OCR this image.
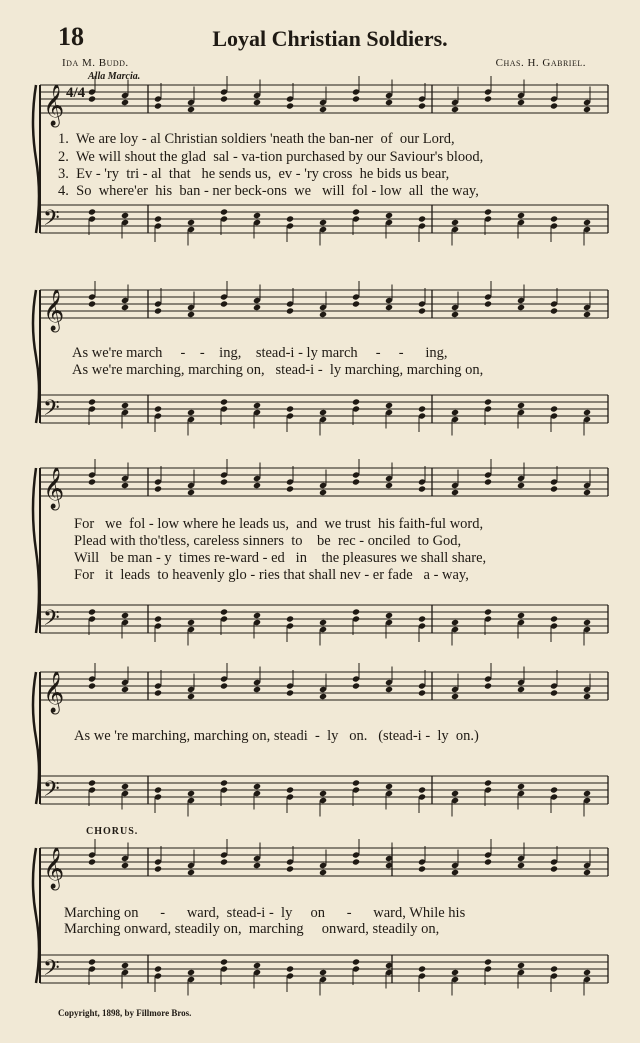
18	Loyal Christian Soldiers.
Ida M. Budd.	Chas. H. Gabriel.
Alla Marcia.
𝄞
𝄢
𝄞
𝄢
𝄞
𝄢
𝄞
𝄢
𝄞
𝄢
4/4
1.  We are loy - al Christian soldiers 'neath the ban-ner  of  our Lord,
2.  We will shout the glad  sal - va-tion purchased by our Saviour's blood,
3.  Ev - 'ry  tri - al  that   he sends us,  ev - 'ry cross  he bids us bear,
4.  So  where'er  his  ban - ner beck-ons  we   will  fol - low  all  the way,
As we're march     -    -    ing,    stead-i - ly march     -     -      ing,
As we're marching, marching on,   stead-i -  ly marching, marching on,
For   we  fol - low where he leads us,  and  we trust  his faith-ful word,
Plead with tho'tless, careless sinners  to    be  rec - onciled  to God,
Will   be man - y  times re-ward - ed   in    the pleasures we shall share,
For   it  leads  to heavenly glo - ries that shall nev - er fade   a - way,
As we 're marching, marching on, steadi  -  ly   on.   (stead-i -  ly  on.)
CHORUS.
Marching on      -      ward,  stead-i -  ly     on      -      ward, While his
Marching onward, steadily on,  marching     onward, steadily on,
Copyright, 1898, by Fillmore Bros.
